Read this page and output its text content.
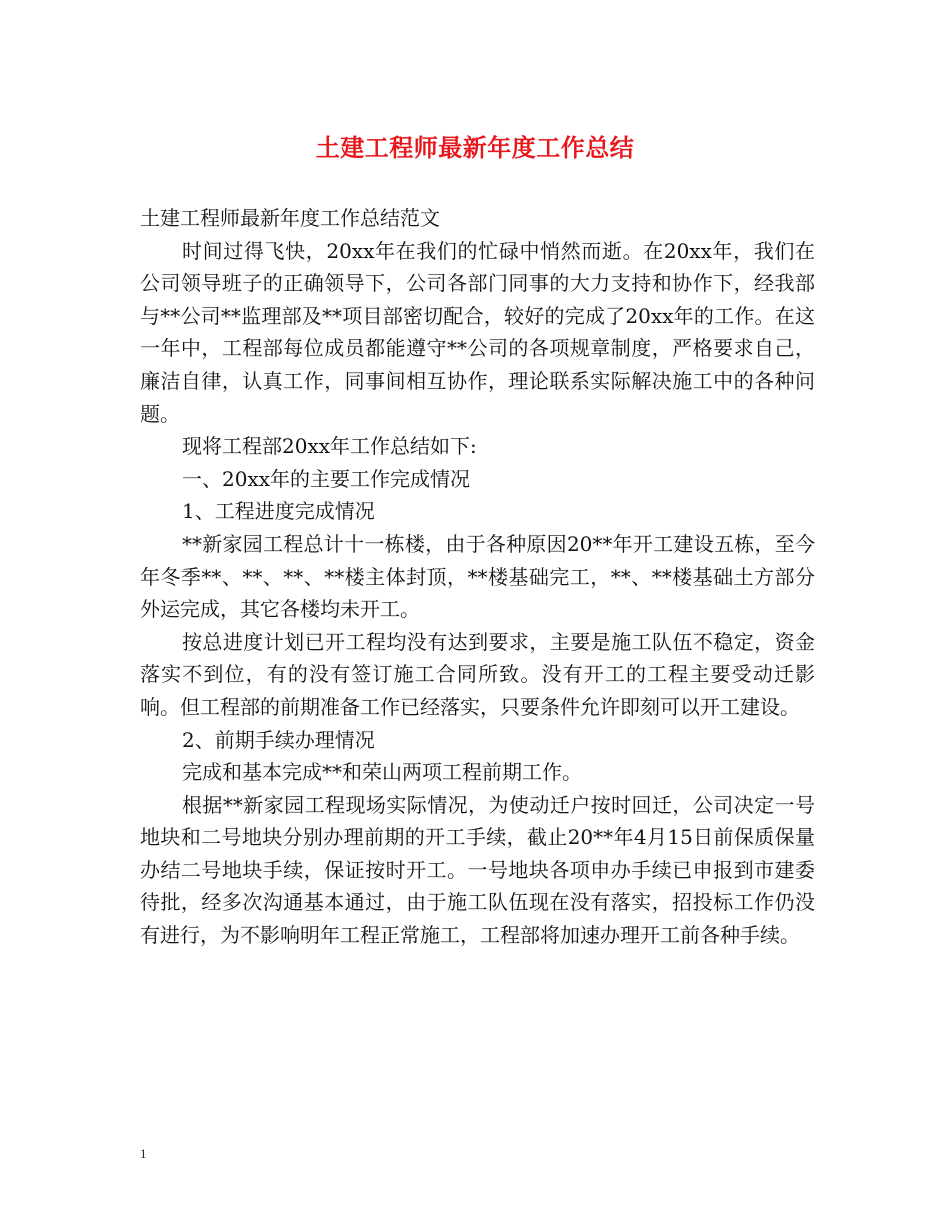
土建工程师最新年度工作总结

土建工程师最新年度工作总结范文

时间过得飞快，20xx年在我们的忙碌中悄然而逝。在20xx年，我们在公司领导班子的正确领导下，公司各部门同事的大力支持和协作下，经我部与**公司**监理部及**项目部密切配合，较好的完成了20xx年的工作。在这一年中，工程部每位成员都能遵守**公司的各项规章制度，严格要求自己，廉洁自律，认真工作，同事间相互协作，理论联系实际解决施工中的各种问题。

现将工程部20xx年工作总结如下:

一、20xx年的主要工作完成情况

1、工程进度完成情况

**新家园工程总计十一栋楼，由于各种原因20**年开工建设五栋，至今年冬季**、**、**、**楼主体封顶，**楼基础完工，**、**楼基础土方部分外运完成，其它各楼均未开工。

按总进度计划已开工程均没有达到要求，主要是施工队伍不稳定，资金落实不到位，有的没有签订施工合同所致。没有开工的工程主要受动迁影响。但工程部的前期准备工作已经落实，只要条件允许即刻可以开工建设。

2、前期手续办理情况

完成和基本完成**和荣山两项工程前期工作。

根据**新家园工程现场实际情况，为使动迁户按时回迁，公司决定一号地块和二号地块分别办理前期的开工手续，截止20**年4月15日前保质保量办结二号地块手续，保证按时开工。一号地块各项申办手续已申报到市建委待批，经多次沟通基本通过，由于施工队伍现在没有落实，招投标工作仍没有进行，为不影响明年工程正常施工，工程部将加速办理开工前各种手续。

1
